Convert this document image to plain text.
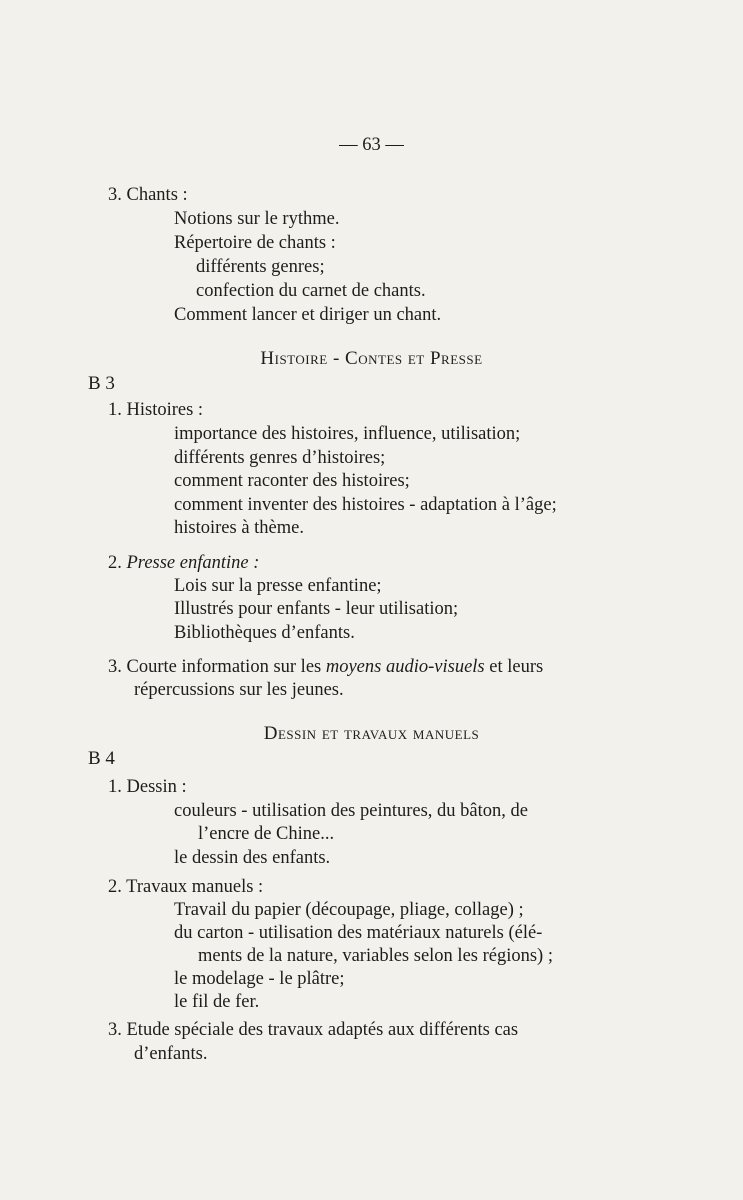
— 63 —
3. Chants :
Notions sur le rythme.
Répertoire de chants :
différents genres;
confection du carnet de chants.
Comment lancer et diriger un chant.
Histoire - Contes et Presse
B 3
1. Histoires :
importance des histoires, influence, utilisation;
différents genres d’histoires;
comment raconter des histoires;
comment inventer des histoires - adaptation à l’âge;
histoires à thème.
2. Presse enfantine :
Lois sur la presse enfantine;
Illustrés pour enfants - leur utilisation;
Bibliothèques d’enfants.
3. Courte information sur les moyens audio-visuels et leurs
répercussions sur les jeunes.
Dessin et travaux manuels
B 4
1. Dessin :
couleurs - utilisation des peintures, du bâton, de
l’encre de Chine...
le dessin des enfants.
2. Travaux manuels :
Travail du papier (découpage, pliage, collage) ;
du carton - utilisation des matériaux naturels (élé-
ments de la nature, variables selon les régions) ;
le modelage - le plâtre;
le fil de fer.
3. Etude spéciale des travaux adaptés aux différents cas
d’enfants.
